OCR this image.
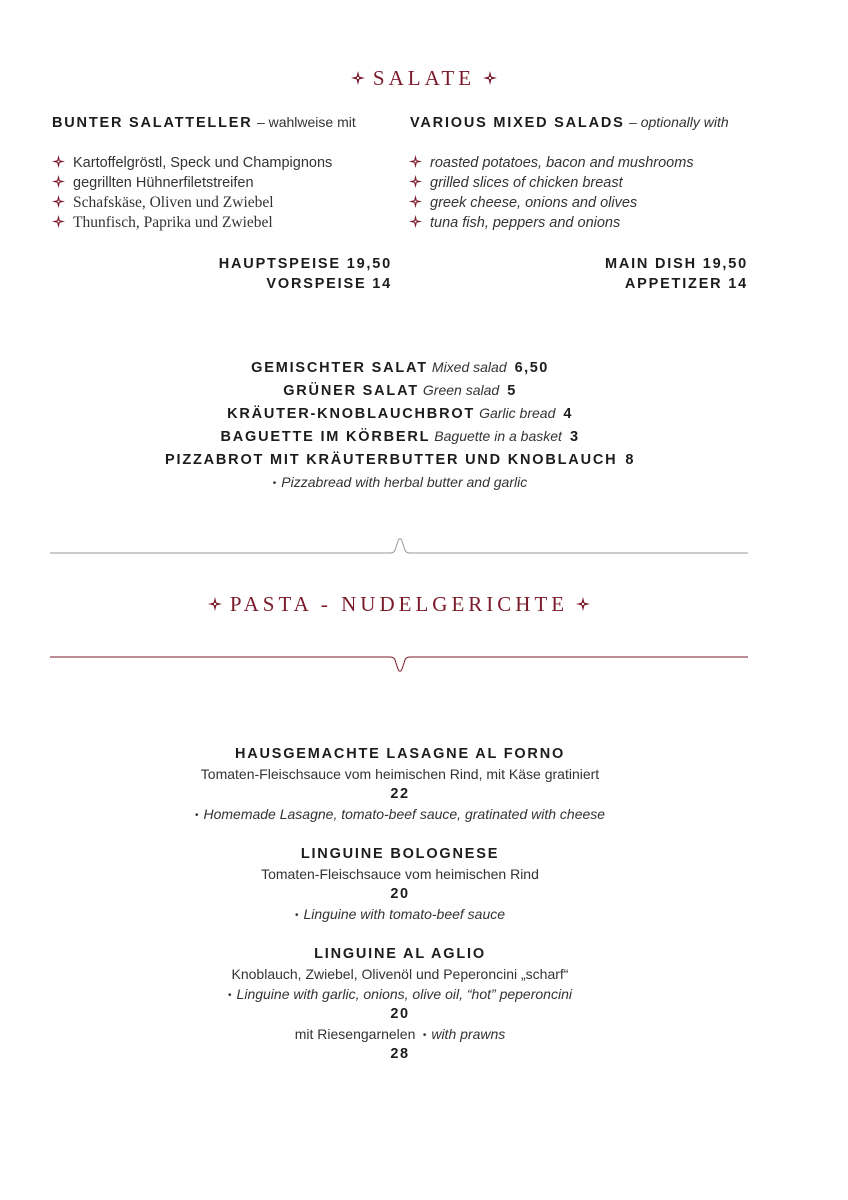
SALATE
BUNTER SALATTELLER – wahlweise mit	VARIOUS MIXED SALADS – optionally with
Kartoffelgröstl, Speck und Champignons
gegrillten Hühnerfiletstreifen
Schafskäse, Oliven und Zwiebel
Thunfisch, Paprika und Zwiebel
roasted potatoes, bacon and mushrooms
grilled slices of chicken breast
greek cheese, onions and olives
tuna fish, peppers and onions
HAUPTSPEISE 19,50
VORSPEISE 14
MAIN DISH 19,50
APPETIZER 14
GEMISCHTER SALAT Mixed salad 6,50
GRÜNER SALAT Green salad 5
KRÄUTER-KNOBLAUCHBROT Garlic bread 4
BAGUETTE IM KÖRBERL Baguette in a basket 3
PIZZABROT MIT KRÄUTERBUTTER UND KNOBLAUCH 8
• Pizzabread with herbal butter and garlic
PASTA - NUDELGERICHTE
HAUSGEMACHTE LASAGNE AL FORNO
Tomaten-Fleischsauce vom heimischen Rind, mit Käse gratiniert
22
• Homemade Lasagne, tomato-beef sauce, gratinated with cheese
LINGUINE BOLOGNESE
Tomaten-Fleischsauce vom heimischen Rind
20
• Linguine with tomato-beef sauce
LINGUINE AL AGLIO
Knoblauch, Zwiebel, Olivenöl und Peperoncini „scharf“
• Linguine with garlic, onions, olive oil, “hot” peperoncini
20
mit Riesengarnelen • with prawns
28
